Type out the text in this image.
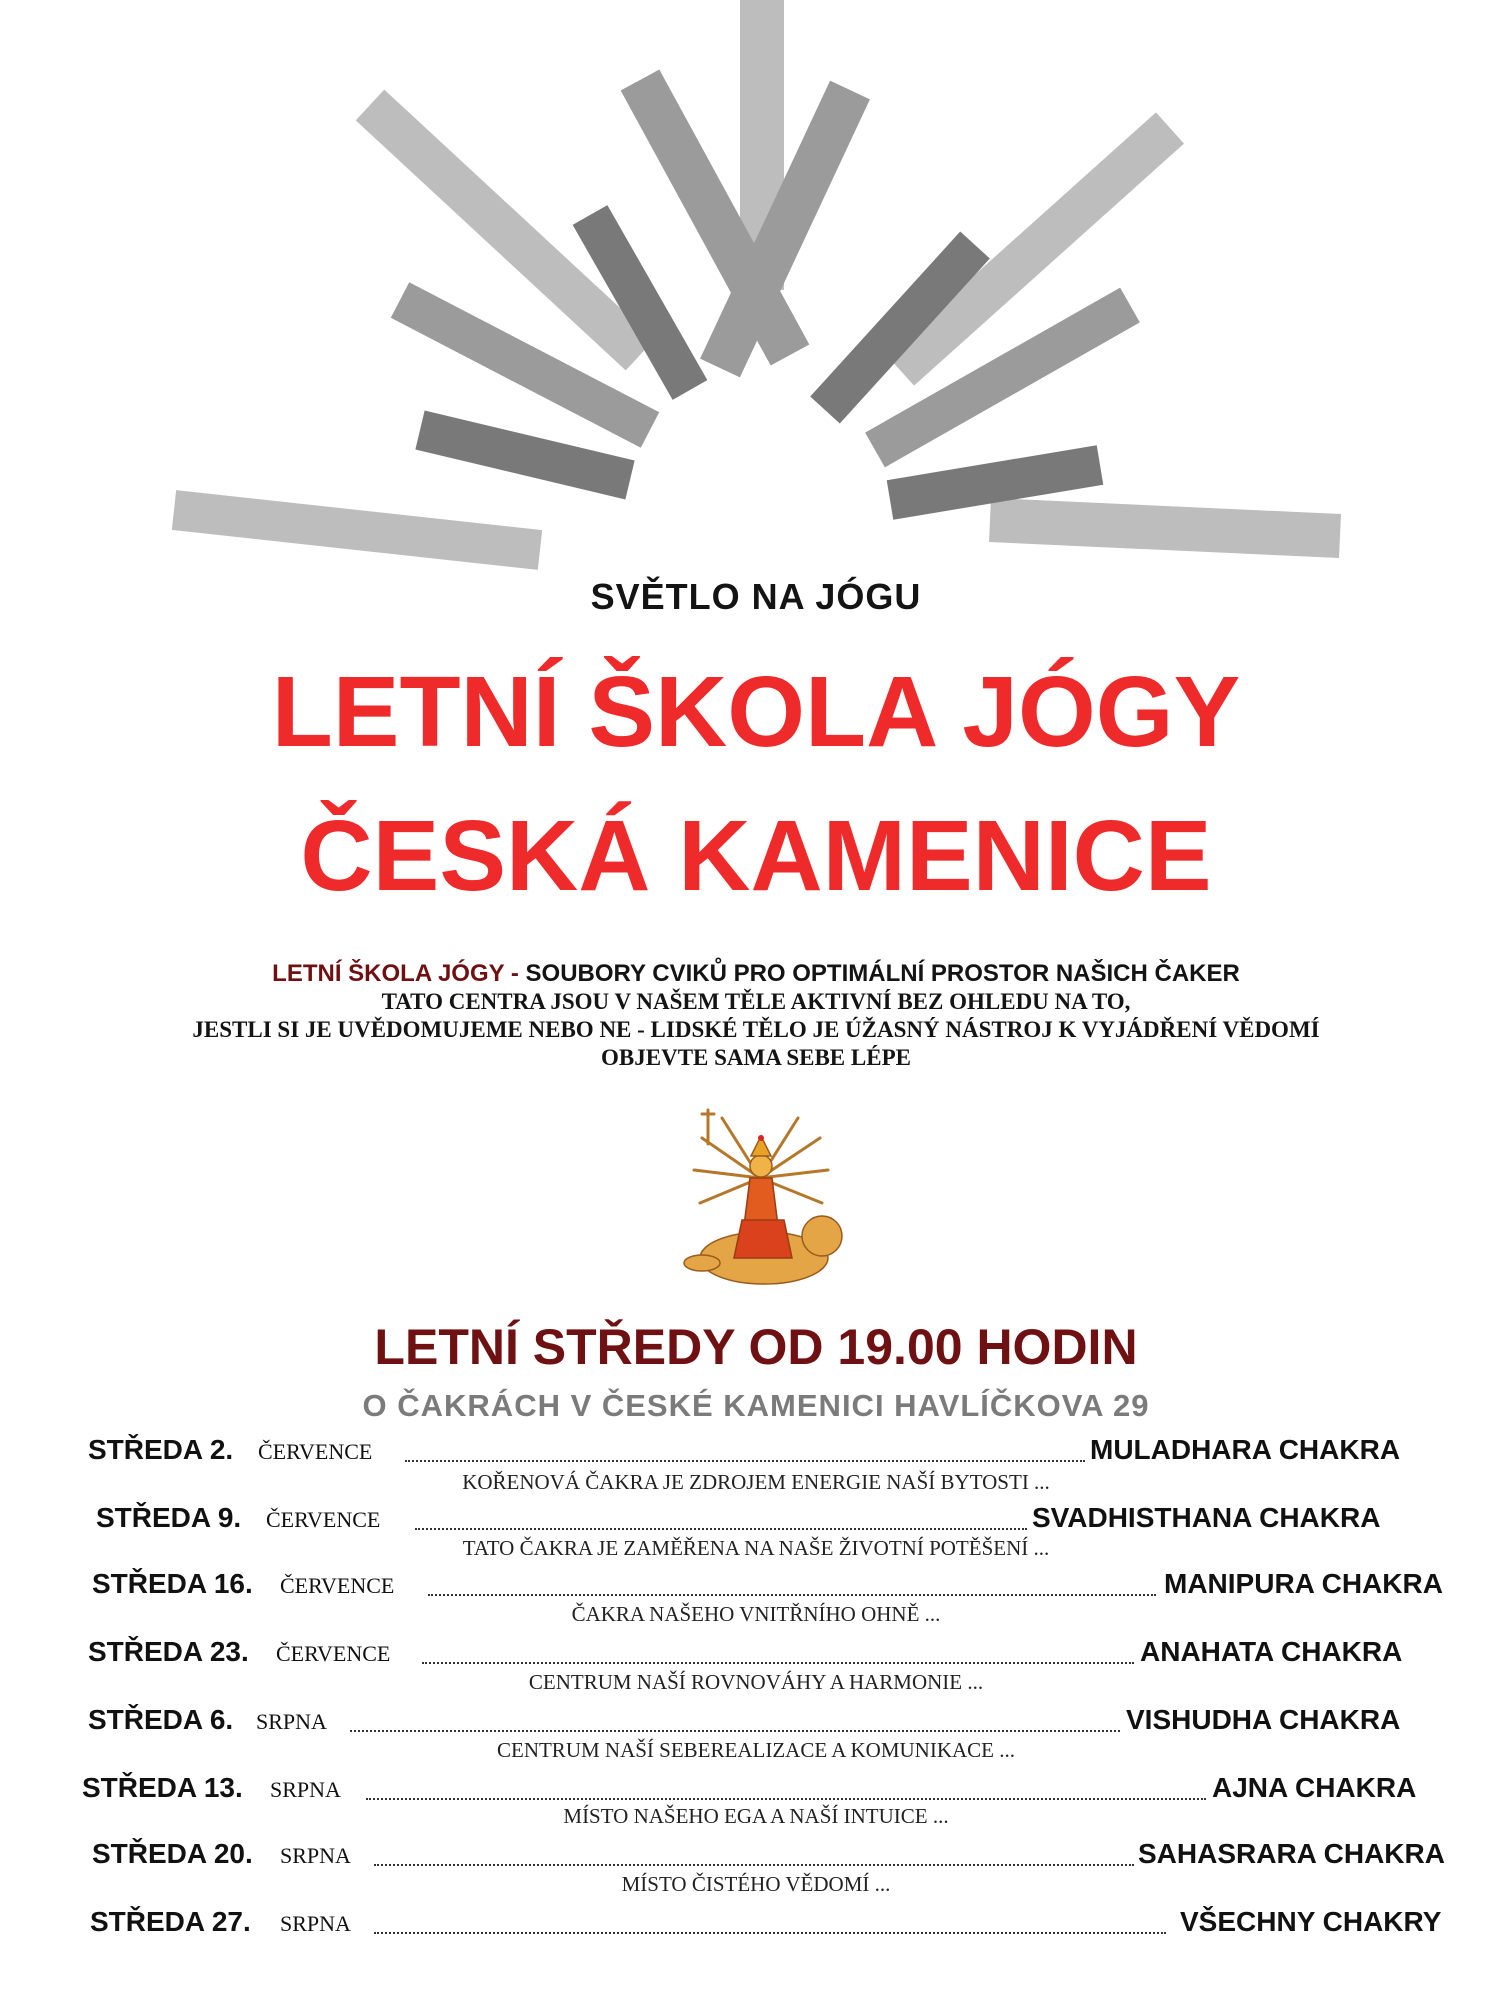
SVĚTLO NA JÓGU
LETNÍ ŠKOLA JÓGY
ČESKÁ KAMENICE
LETNÍ ŠKOLA JÓGY - SOUBORY CVIKŮ PRO OPTIMÁLNÍ PROSTOR NAŠICH ČAKER
TATO CENTRA JSOU V NAŠEM TĚLE AKTIVNÍ BEZ OHLEDU NA TO,
JESTLI SI JE UVĚDOMUJEME NEBO NE - LIDSKÉ TĚLO JE ÚŽASNÝ NÁSTROJ K VYJÁDŘENÍ VĚDOMÍ
OBJEVTE SAMA SEBE LÉPE
LETNÍ STŘEDY OD 19.00 HODIN
O ČAKRÁCH V ČESKÉ KAMENICI HAVLÍČKOVA 29
STŘEDA 2. ČERVENCE	MULADHARA CHAKRA
KOŘENOVÁ ČAKRA JE ZDROJEM ENERGIE NAŠÍ BYTOSTI ...
STŘEDA 9. ČERVENCE	SVADHISTHANA CHAKRA
TATO ČAKRA JE ZAMĚŘENA NA NAŠE ŽIVOTNÍ POTĚŠENÍ ...
STŘEDA 16. ČERVENCE	MANIPURA CHAKRA
ČAKRA NAŠEHO VNITŘNÍHO OHNĚ ...
STŘEDA 23. ČERVENCE	ANAHATA CHAKRA
CENTRUM NAŠÍ ROVNOVÁHY A HARMONIE ...
STŘEDA 6. SRPNA	VISHUDHA CHAKRA
CENTRUM NAŠÍ SEBEREALIZACE A KOMUNIKACE ...
STŘEDA 13. SRPNA	AJNA CHAKRA
MÍSTO NAŠEHO EGA A NAŠÍ INTUICE ...
STŘEDA 20. SRPNA	SAHASRARA CHAKRA
MÍSTO ČISTÉHO VĚDOMÍ ...
STŘEDA 27. SRPNA	VŠECHNY CHAKRY
